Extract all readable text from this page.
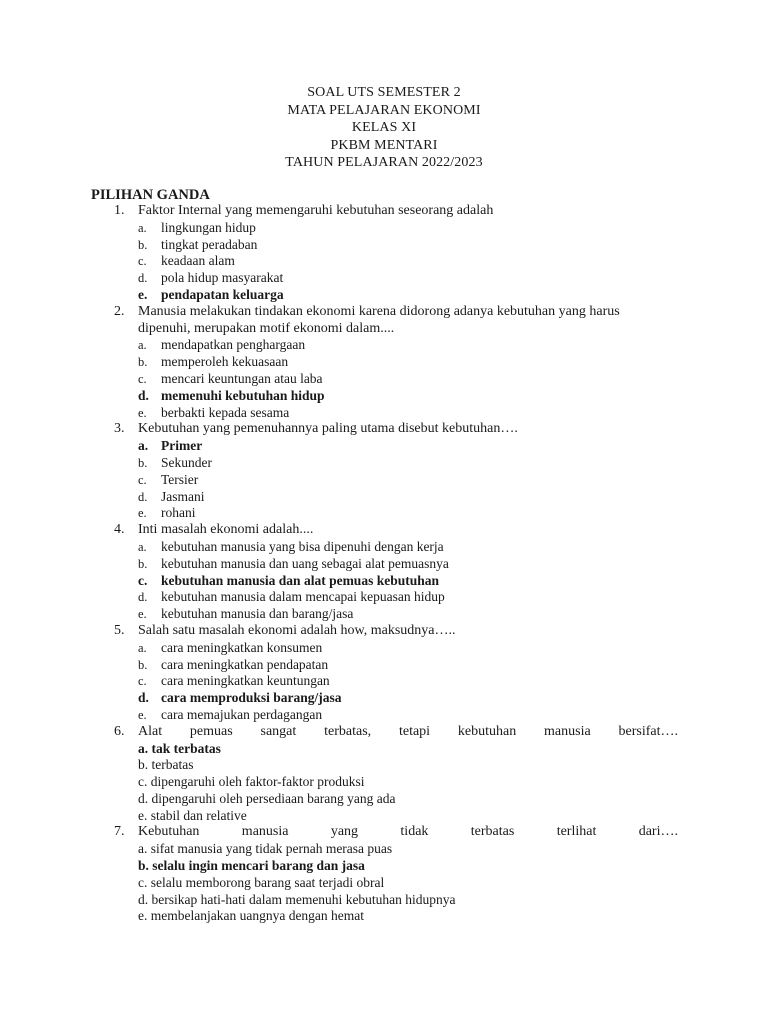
SOAL UTS SEMESTER 2
MATA PELAJARAN EKONOMI
KELAS XI
PKBM MENTARI
TAHUN PELAJARAN 2022/2023
PILIHAN GANDA
1. Faktor Internal yang memengaruhi kebutuhan seseorang adalah
a. lingkungan hidup
b. tingkat peradaban
c. keadaan alam
d. pola hidup masyarakat
e. pendapatan keluarga
2. Manusia melakukan tindakan ekonomi karena didorong adanya kebutuhan yang harus
dipenuhi, merupakan motif ekonomi dalam....
a. mendapatkan penghargaan
b. memperoleh kekuasaan
c. mencari keuntungan atau laba
d. memenuhi kebutuhan hidup
e. berbakti kepada sesama
3. Kebutuhan yang pemenuhannya paling utama disebut kebutuhan….
a. Primer
b. Sekunder
c. Tersier
d. Jasmani
e. rohani
4. Inti masalah ekonomi adalah....
a. kebutuhan manusia yang bisa dipenuhi dengan kerja
b. kebutuhan manusia dan uang sebagai alat pemuasnya
c. kebutuhan manusia dan alat pemuas kebutuhan
d. kebutuhan manusia dalam mencapai kepuasan hidup
e. kebutuhan manusia dan barang/jasa
5. Salah satu masalah ekonomi adalah how, maksudnya…..
a. cara meningkatkan konsumen
b. cara meningkatkan pendapatan
c. cara meningkatkan keuntungan
d. cara memproduksi barang/jasa
e. cara memajukan perdagangan
6. Alat pemuas sangat terbatas, tetapi kebutuhan manusia bersifat….
a. tak terbatas
b. terbatas
c. dipengaruhi oleh faktor-faktor produksi
d. dipengaruhi oleh persediaan barang yang ada
e. stabil dan relative
7. Kebutuhan manusia yang tidak terbatas terlihat dari….
a. sifat manusia yang tidak pernah merasa puas
b. selalu ingin mencari barang dan jasa
c. selalu memborong barang saat terjadi obral
d. bersikap hati-hati dalam memenuhi kebutuhan hidupnya
e. membelanjakan uangnya dengan hemat
